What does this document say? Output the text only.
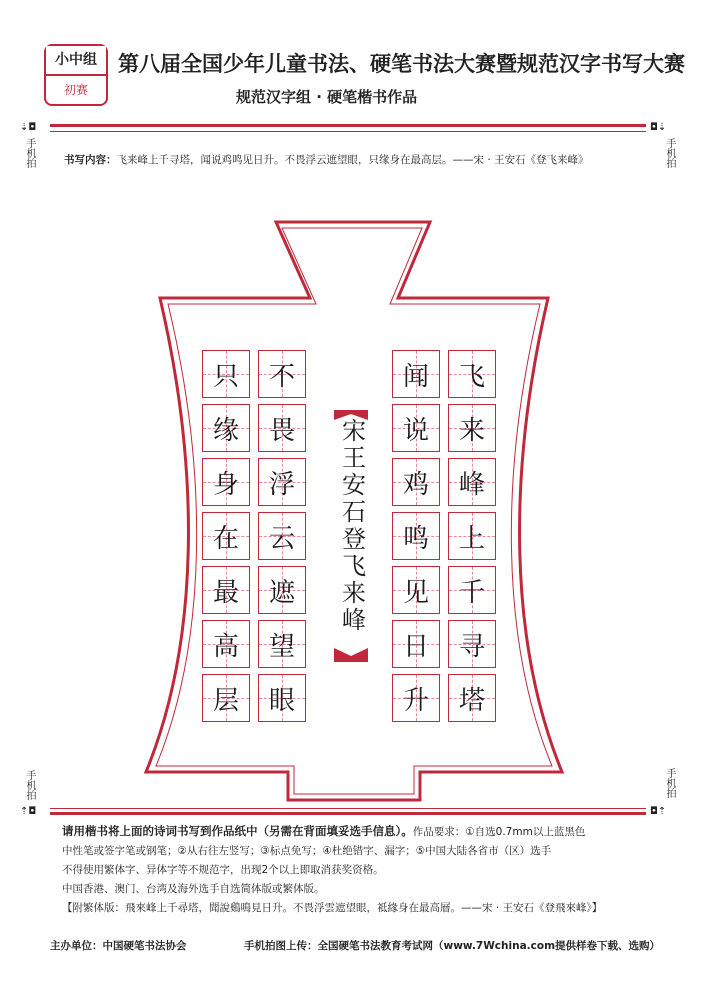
小中组
初赛
第八届全国少年儿童书法、硬笔书法大赛暨规范汉字书写大赛
规范汉字组 · 硬笔楷书作品
⇣◘
手机拍
◘⇣
手机拍
书写内容：飞来峰上千寻塔，闻说鸡鸣见日升。不畏浮云遮望眼，只缘身在最高层。——宋 · 王安石《登飞来峰》
飞
来
峰
上
千
寻
塔
闻
说
鸡
鸣
见
日
升
不
畏
浮
云
遮
望
眼
只
缘
身
在
最
高
层
宋
王
安
石
登
飞
来
峰
手机拍
⇡◘
手机拍
◘⇡
请用楷书将上面的诗词书写到作品纸中（另需在背面填妥选手信息）。作品要求：①自选0.7mm以上蓝黑色
中性笔或签字笔或钢笔；②从右往左竖写；③标点免写；④杜绝错字、漏字；⑤中国大陆各省市（区）选手
不得使用繁体字、异体字等不规范字，出现2个以上即取消获奖资格。
中国香港、澳门、台湾及海外选手自选简体版或繁体版。
【附繁体版：飛來峰上千尋塔，聞說鷄鳴見日升。不畏浮雲遮望眼，祗緣身在最高層。——宋 · 王安石《登飛來峰》】
主办单位：中国硬笔书法协会	手机拍图上传：全国硬笔书法教育考试网（www.7Wchina.com提供样卷下载、选购）
